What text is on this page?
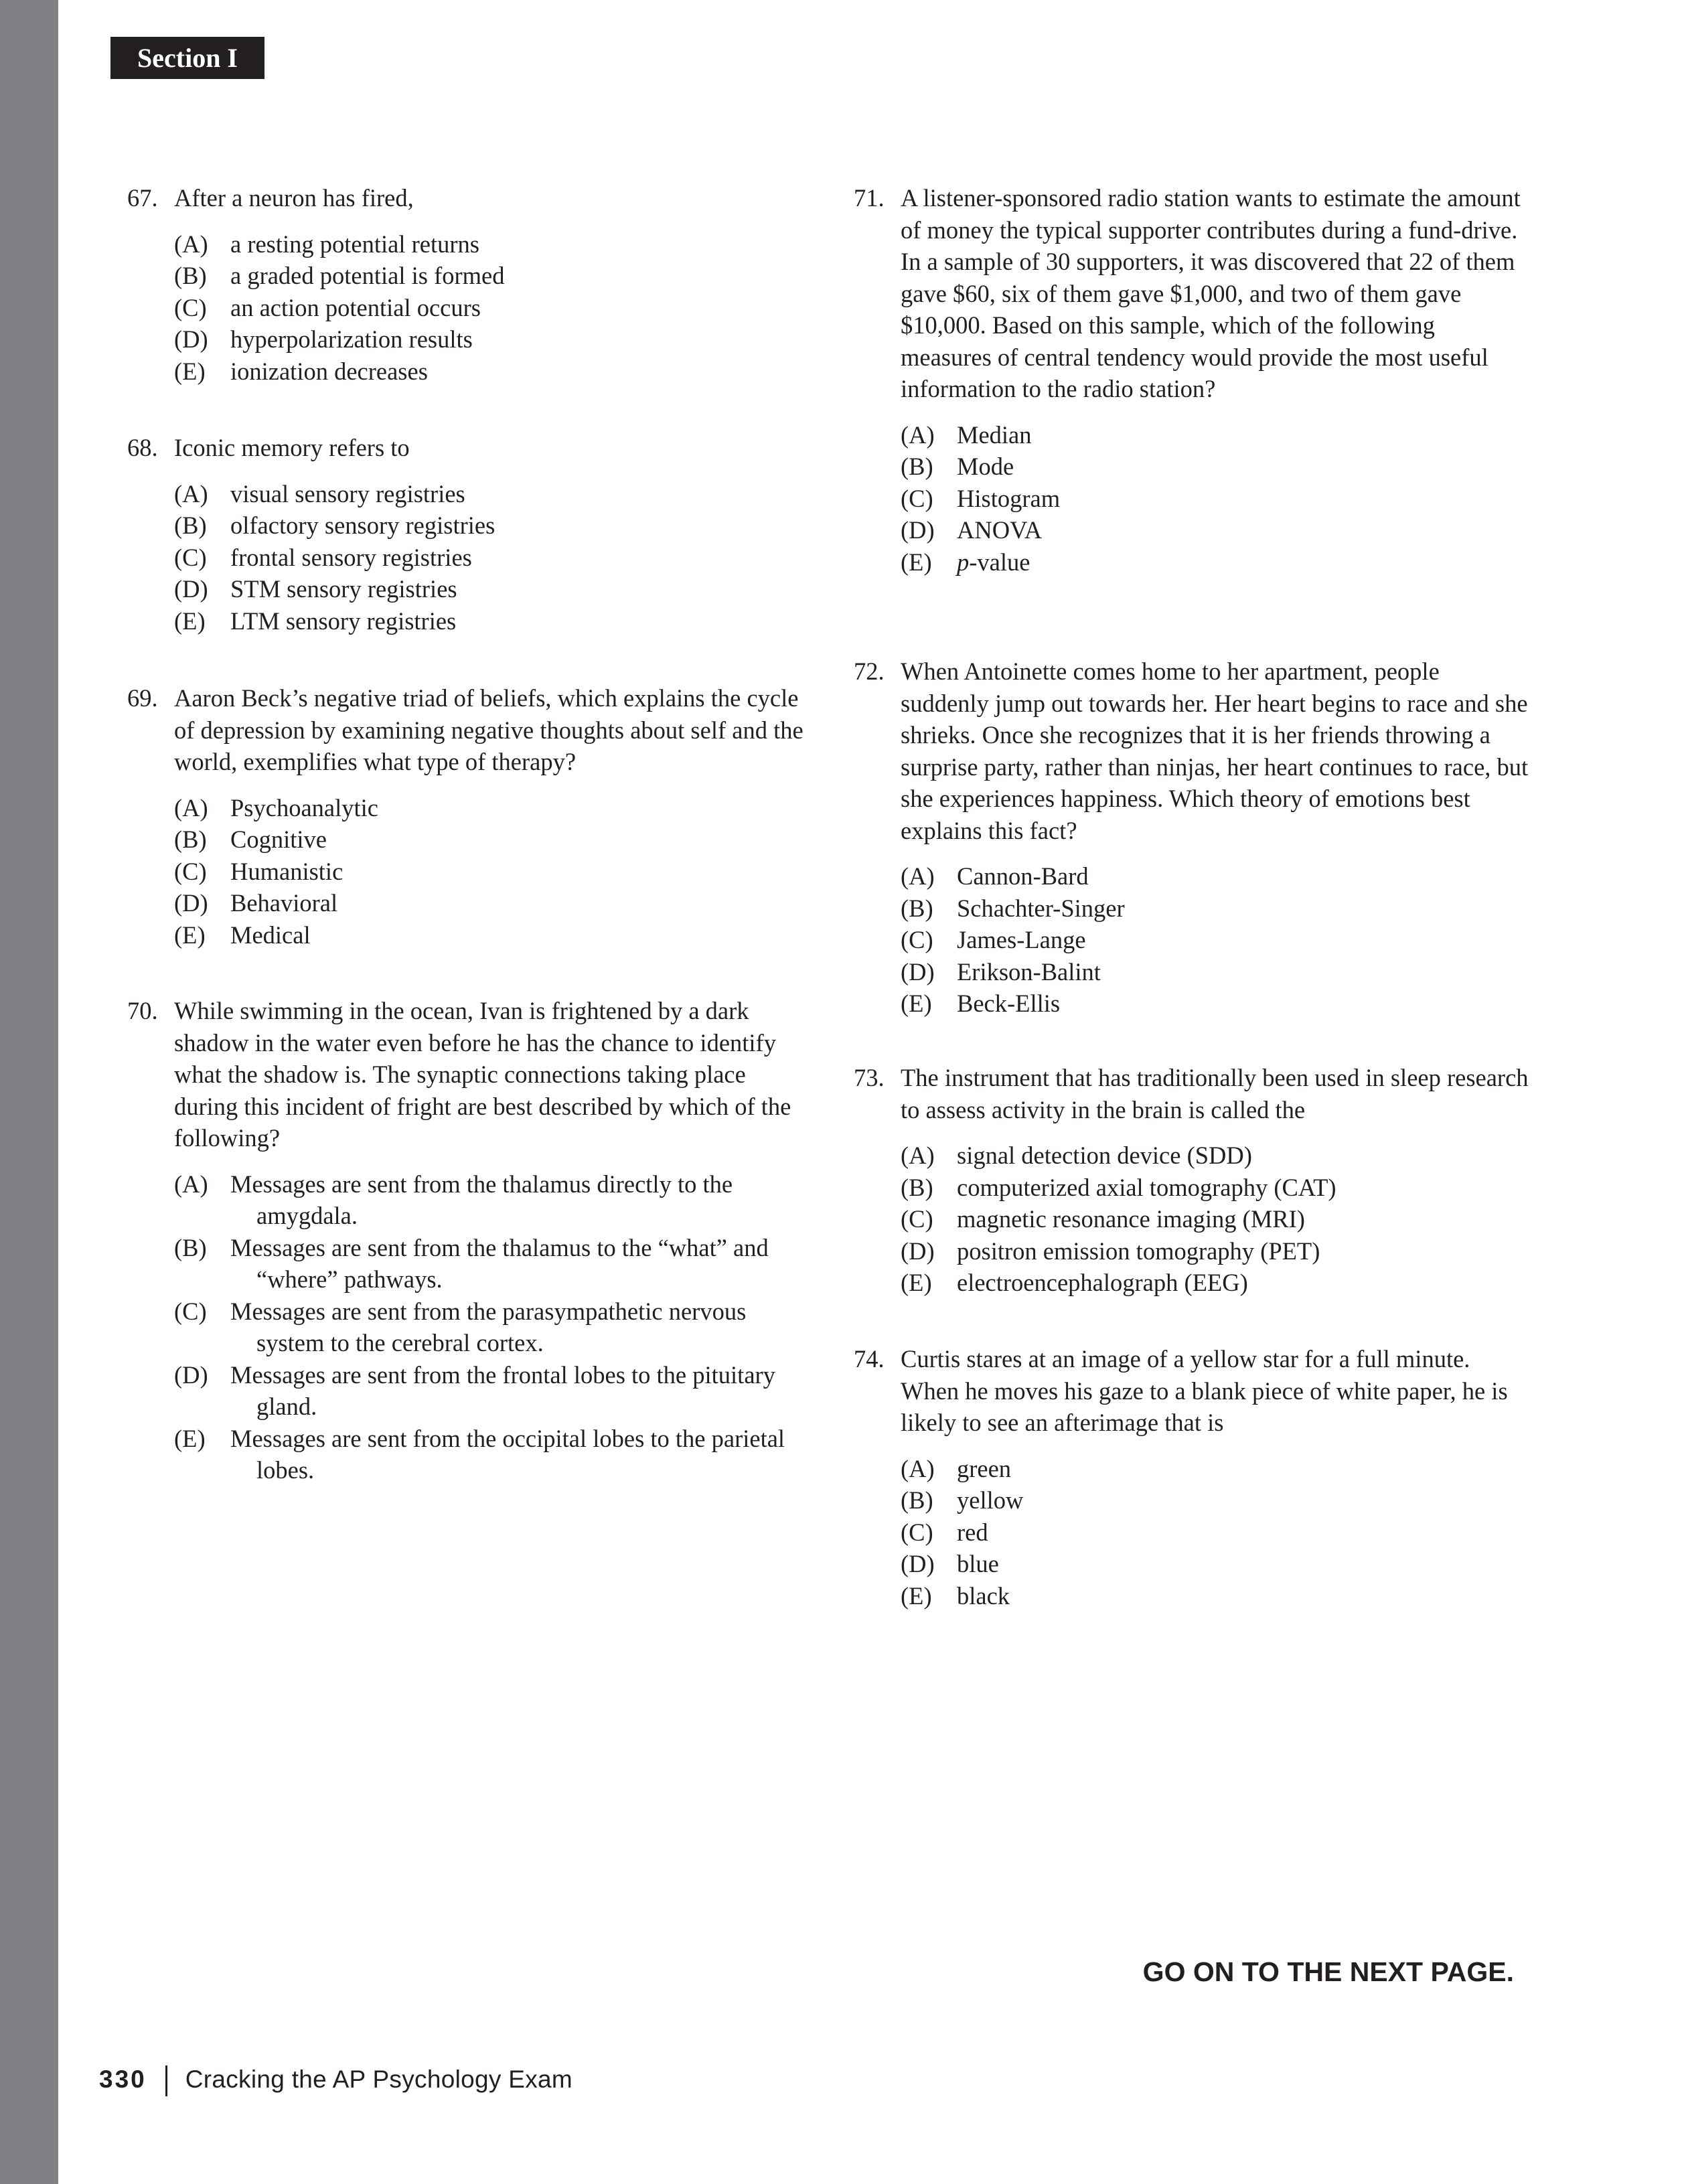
Section I
67. After a neuron has fired,
(A) a resting potential returns
(B) a graded potential is formed
(C) an action potential occurs
(D) hyperpolarization results
(E) ionization decreases
68. Iconic memory refers to
(A) visual sensory registries
(B) olfactory sensory registries
(C) frontal sensory registries
(D) STM sensory registries
(E) LTM sensory registries
69. Aaron Beck’s negative triad of beliefs, which explains the cycle of depression by examining negative thoughts about self and the world, exemplifies what type of therapy?
(A) Psychoanalytic
(B) Cognitive
(C) Humanistic
(D) Behavioral
(E) Medical
70. While swimming in the ocean, Ivan is frightened by a dark shadow in the water even before he has the chance to identify what the shadow is. The synaptic connections taking place during this incident of fright are best described by which of the following?
(A) Messages are sent from the thalamus directly to the amygdala.
(B) Messages are sent from the thalamus to the “what” and “where” pathways.
(C) Messages are sent from the parasympathetic nervous system to the cerebral cortex.
(D) Messages are sent from the frontal lobes to the pituitary gland.
(E) Messages are sent from the occipital lobes to the parietal lobes.
71. A listener-sponsored radio station wants to estimate the amount of money the typical supporter contributes during a fund-drive. In a sample of 30 supporters, it was discovered that 22 of them gave $60, six of them gave $1,000, and two of them gave $10,000. Based on this sample, which of the following measures of central tendency would provide the most useful information to the radio station?
(A) Median
(B) Mode
(C) Histogram
(D) ANOVA
(E) p-value
72. When Antoinette comes home to her apartment, people suddenly jump out towards her. Her heart begins to race and she shrieks. Once she recognizes that it is her friends throwing a surprise party, rather than ninjas, her heart continues to race, but she experiences happiness. Which theory of emotions best explains this fact?
(A) Cannon-Bard
(B) Schachter-Singer
(C) James-Lange
(D) Erikson-Balint
(E) Beck-Ellis
73. The instrument that has traditionally been used in sleep research to assess activity in the brain is called the
(A) signal detection device (SDD)
(B) computerized axial tomography (CAT)
(C) magnetic resonance imaging (MRI)
(D) positron emission tomography (PET)
(E) electroencephalograph (EEG)
74. Curtis stares at an image of a yellow star for a full minute. When he moves his gaze to a blank piece of white paper, he is likely to see an afterimage that is
(A) green
(B) yellow
(C) red
(D) blue
(E) black
GO ON TO THE NEXT PAGE.
330 Cracking the AP Psychology Exam
